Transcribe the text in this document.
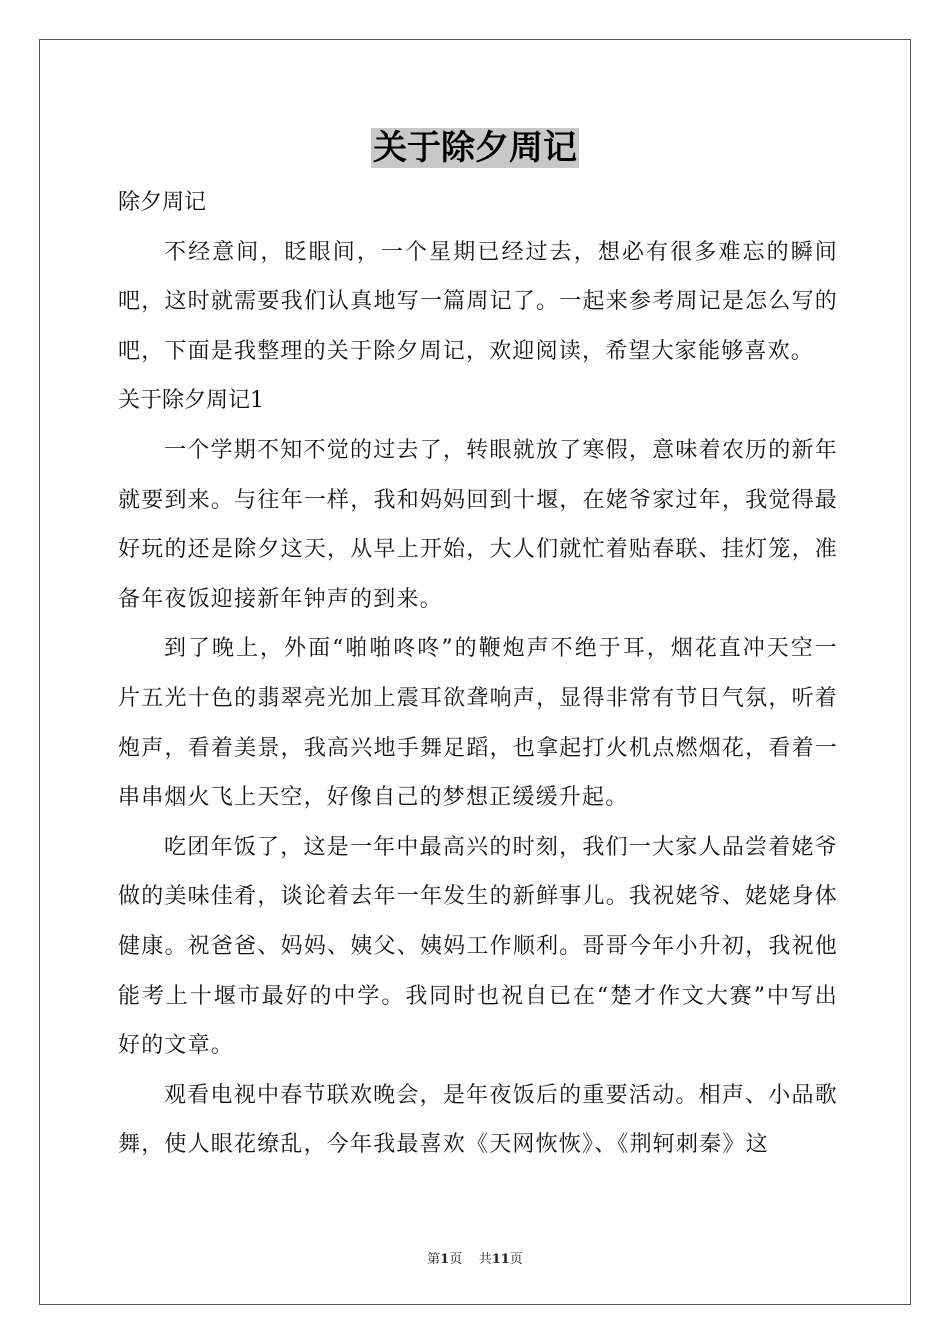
关于除夕周记

除夕周记

不经意间，眨眼间，一个星期已经过去，想必有很多难忘的瞬间吧，这时就需要我们认真地写一篇周记了。一起来参考周记是怎么写的吧，下面是我整理的关于除夕周记，欢迎阅读，希望大家能够喜欢。

关于除夕周记1

一个学期不知不觉的过去了，转眼就放了寒假，意味着农历的新年就要到来。与往年一样，我和妈妈回到十堰，在姥爷家过年，我觉得最好玩的还是除夕这天，从早上开始，大人们就忙着贴春联、挂灯笼，准备年夜饭迎接新年钟声的到来。

到了晚上，外面“啪啪咚咚”的鞭炮声不绝于耳，烟花直冲天空一片五光十色的翡翠亮光加上震耳欲聋响声，显得非常有节日气氛，听着炮声，看着美景，我高兴地手舞足蹈，也拿起打火机点燃烟花，看着一串串烟火飞上天空，好像自己的梦想正缓缓升起。

吃团年饭了，这是一年中最高兴的时刻，我们一大家人品尝着姥爷做的美味佳肴，谈论着去年一年发生的新鲜事儿。我祝姥爷、姥姥身体健康。祝爸爸、妈妈、姨父、姨妈工作顺利。哥哥今年小升初，我祝他能考上十堰市最好的中学。我同时也祝自已在“楚才作文大赛”中写出好的文章。

观看电视中春节联欢晚会，是年夜饭后的重要活动。相声、小品歌舞，使人眼花缭乱，今年我最喜欢《天网恢恢》、《荆轲刺秦》这

第1页 共11页
